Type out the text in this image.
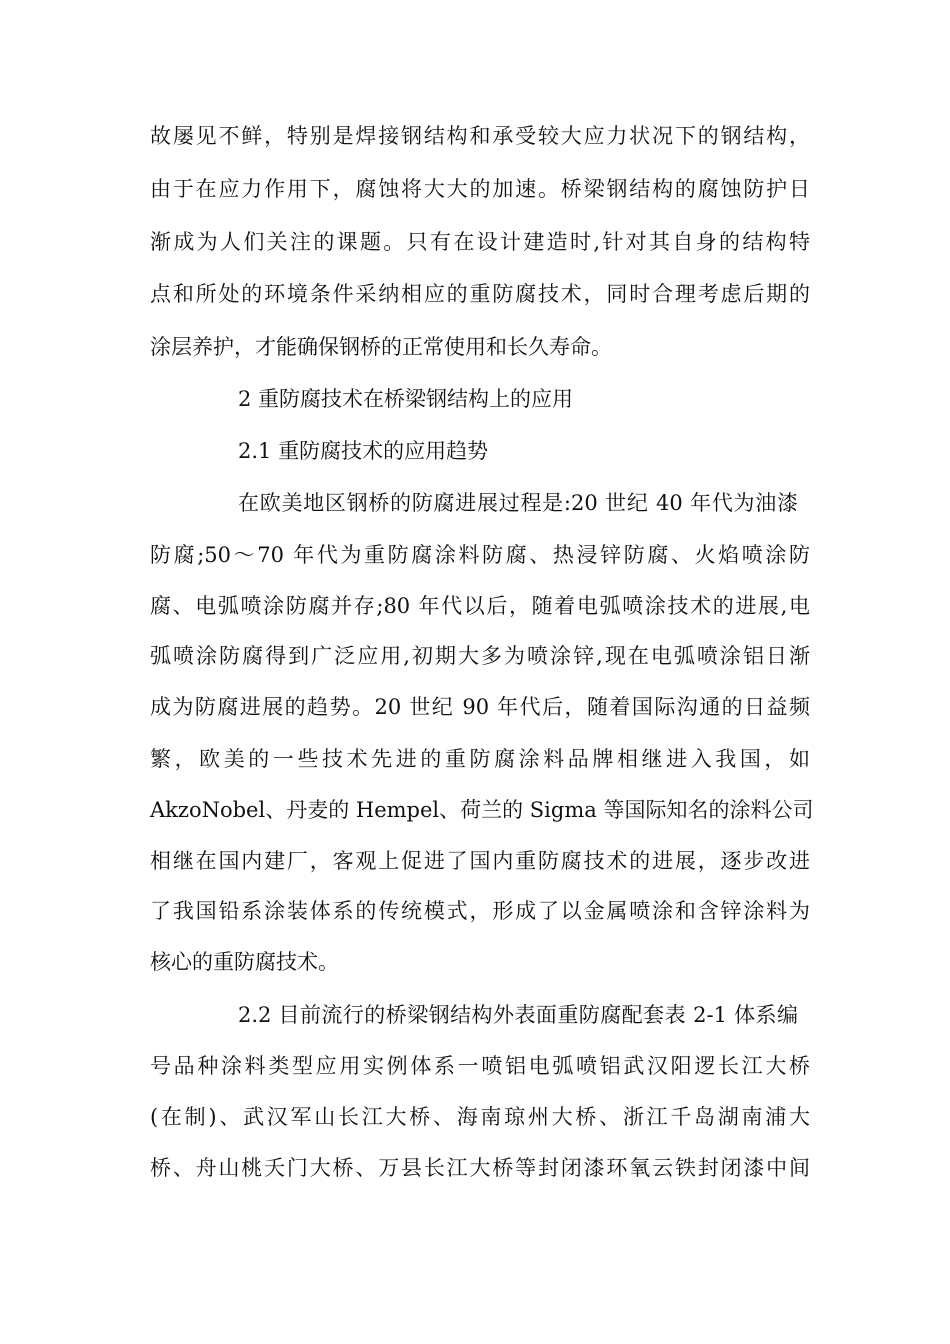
故屡见不鲜，特别是焊接钢结构和承受较大应力状况下的钢结构，
由于在应力作用下，腐蚀将大大的加速。桥梁钢结构的腐蚀防护日
渐成为人们关注的课题。只有在设计建造时,针对其自身的结构特
点和所处的环境条件采纳相应的重防腐技术，同时合理考虑后期的
涂层养护，才能确保钢桥的正常使用和长久寿命。
2 重防腐技术在桥梁钢结构上的应用
2.1 重防腐技术的应用趋势
在欧美地区钢桥的防腐进展过程是:20 世纪 40 年代为油漆
防腐;50～70 年代为重防腐涂料防腐、热浸锌防腐、火焰喷涂防
腐、电弧喷涂防腐并存;80 年代以后，随着电弧喷涂技术的进展,电
弧喷涂防腐得到广泛应用,初期大多为喷涂锌,现在电弧喷涂铝日渐
成为防腐进展的趋势。20 世纪 90 年代后，随着国际沟通的日益频
繁，欧美的一些技术先进的重防腐涂料品牌相继进入我国，如
AkzoNobel、丹麦的 Hempel、荷兰的 Sigma 等国际知名的涂料公司
相继在国内建厂，客观上促进了国内重防腐技术的进展，逐步改进
了我国铅系涂装体系的传统模式，形成了以金属喷涂和含锌涂料为
核心的重防腐技术。
2.2 目前流行的桥梁钢结构外表面重防腐配套表 2-1 体系编
号品种涂料类型应用实例体系一喷铝电弧喷铝武汉阳逻长江大桥
(在制)、武汉军山长江大桥、海南琼州大桥、浙江千岛湖南浦大
桥、舟山桃夭门大桥、万县长江大桥等封闭漆环氧云铁封闭漆中间
